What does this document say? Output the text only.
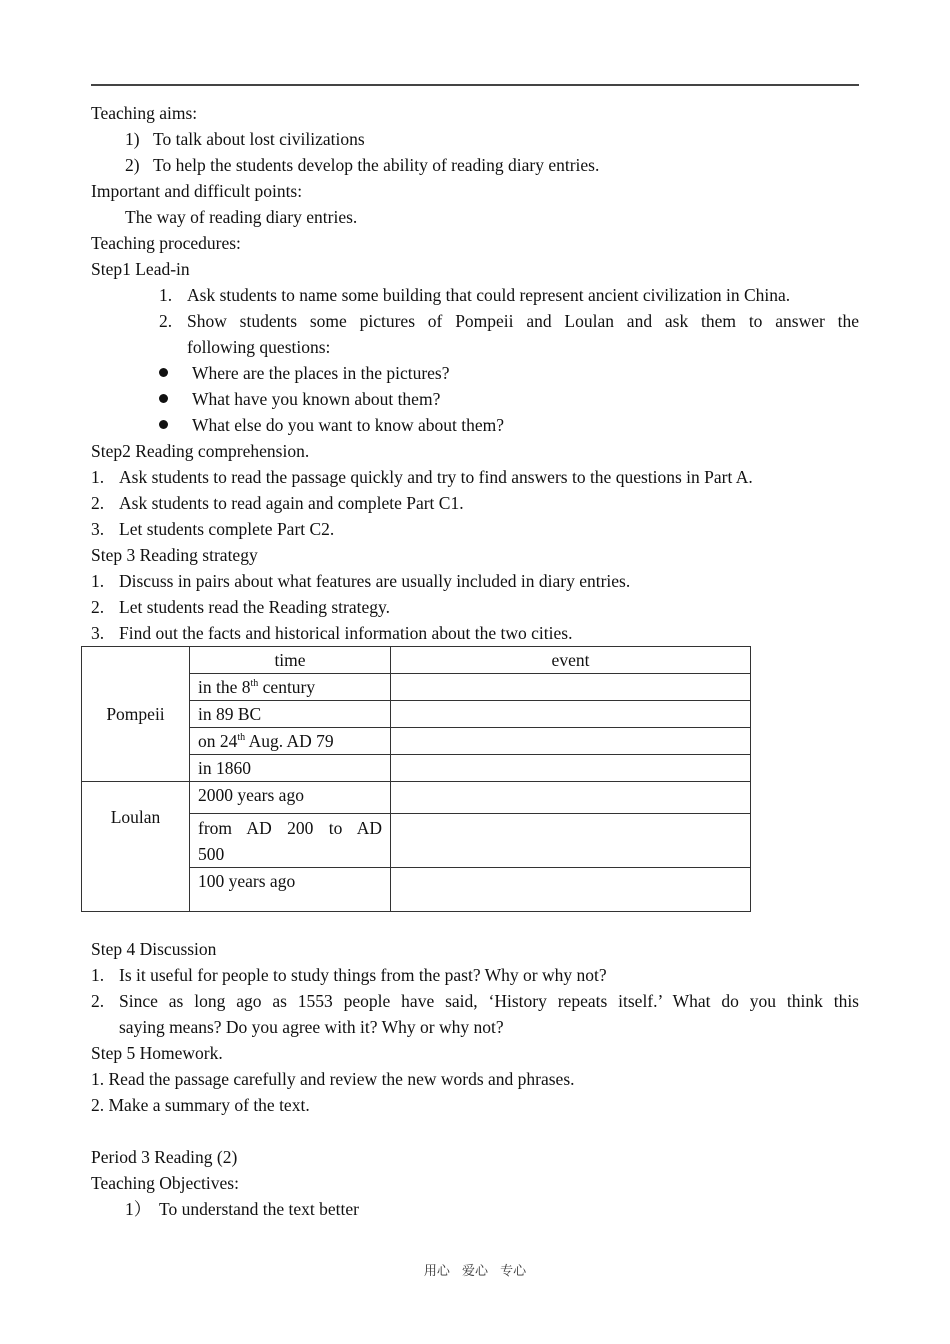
Teaching aims:
1) To talk about lost civilizations
2) To help the students develop the ability of reading diary entries.
Important and difficult points:
The way of reading diary entries.
Teaching procedures:
Step1 Lead-in
1. Ask students to name some building that could represent ancient civilization in China.
2. Show students some pictures of Pompeii and Loulan and ask them to answer the
following questions:
Where are the places in the pictures?
What have you known about them?
What else do you want to know about them?
Step2 Reading comprehension.
1. Ask students to read the passage quickly and try to find answers to the questions in Part A.
2. Ask students to read again and complete Part C1.
3. Let students complete Part C2.
Step 3 Reading strategy
1. Discuss in pairs about what features are usually included in diary entries.
2. Let students read the Reading strategy.
3. Find out the facts and historical information about the two cities.
Pompeii	time	event
	in the 8th century	
	in 89 BC	
	on 24th Aug. AD 79	
	in 1860	
Loulan	2000 years ago	

	from AD 200 to AD
500	

	100 years ago	
Step 4 Discussion
1. Is it useful for people to study things from the past? Why or why not?
2. Since as long ago as 1553 people have said, ‘History repeats itself.’ What do you think this
saying means? Do you agree with it? Why or why not?
Step 5 Homework.
1. Read the passage carefully and review the new words and phrases.
2. Make a summary of the text.
Period 3 Reading (2)
Teaching Objectives:
1） To understand the text better
用心 爱心 专心
